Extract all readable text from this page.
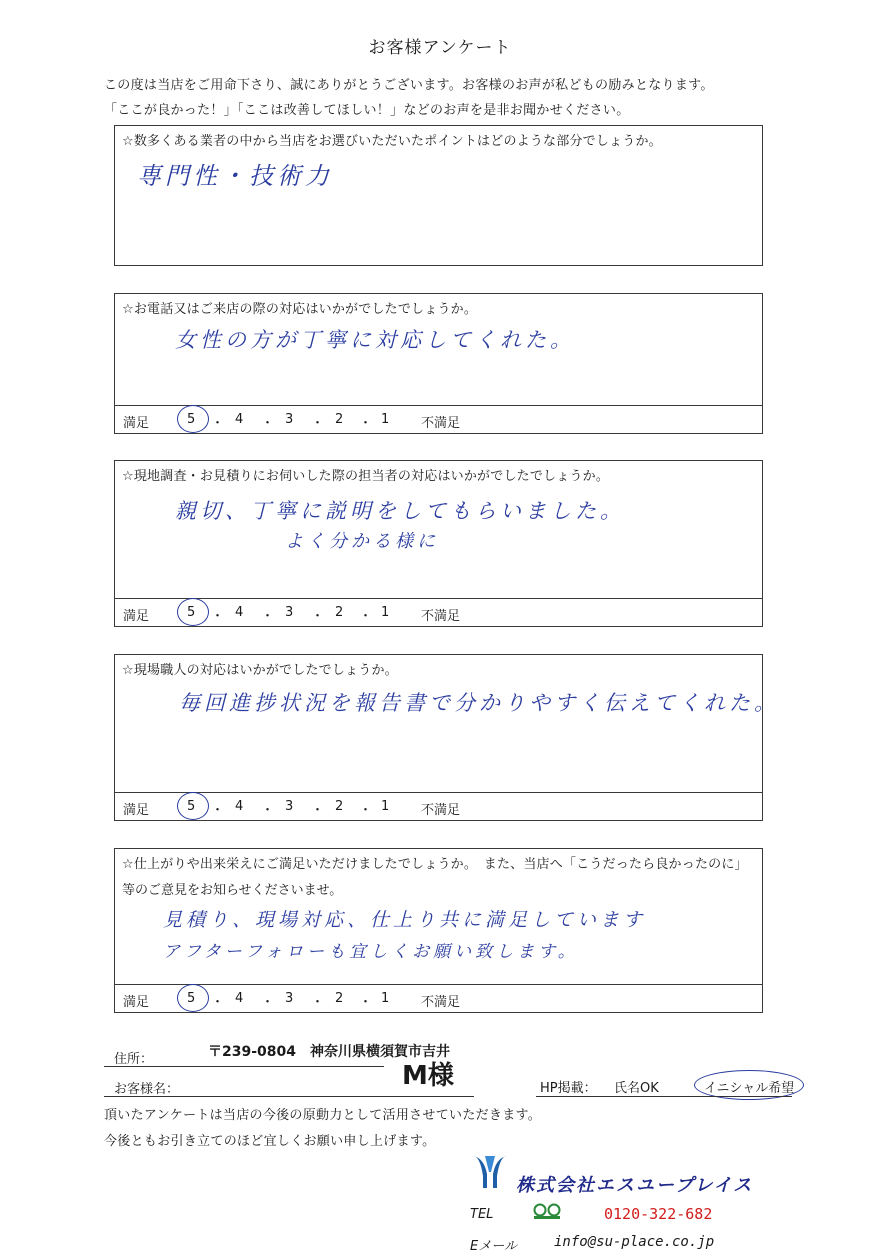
お客様アンケート
この度は当店をご用命下さり、誠にありがとうございます。お客様のお声が私どもの励みとなります。
「ここが良かった！」「ここは改善してほしい！」などのお声を是非お聞かせください。
☆数多くある業者の中から当店をお選びいただいたポイントはどのような部分でしょうか。
専門性・技術力
☆お電話又はご来店の際の対応はいかがでしたでしょうか。
女性の方が丁寧に対応してくれた。
満足	5 ・ 4 ・ 3 ・ 2 ・ 1 不満足
☆現地調査・お見積りにお伺いした際の担当者の対応はいかがでしたでしょうか。
親切、丁寧に説明をしてもらいました。
よく分かる様に
満足	5 ・ 4 ・ 3 ・ 2 ・ 1 不満足
☆現場職人の対応はいかがでしたでしょうか。
毎回進捗状況を報告書で分かりやすく伝えてくれた。
満足	5 ・ 4 ・ 3 ・ 2 ・ 1 不満足
☆仕上がりや出来栄えにご満足いただけましたでしょうか。　また、当店へ「こうだったら良かったのに」
等のご意見をお知らせくださいませ。
見積り、現場対応、仕上り共に満足しています
アフターフォローも宜しくお願い致します。
満足	5 ・ 4 ・ 3 ・ 2 ・ 1 不満足
住所：	〒239-0804　神奈川県横須賀市吉井
M様
お客様名：	HP掲載： 氏名OK	イニシャル希望
頂いたアンケートは当店の今後の原動力として活用させていただきます。
今後ともお引き立てのほど宜しくお願い申し上げます。
株式会社エスユープレイス
TEL	0120-322-682
Eメール	info@su-place.co.jp
